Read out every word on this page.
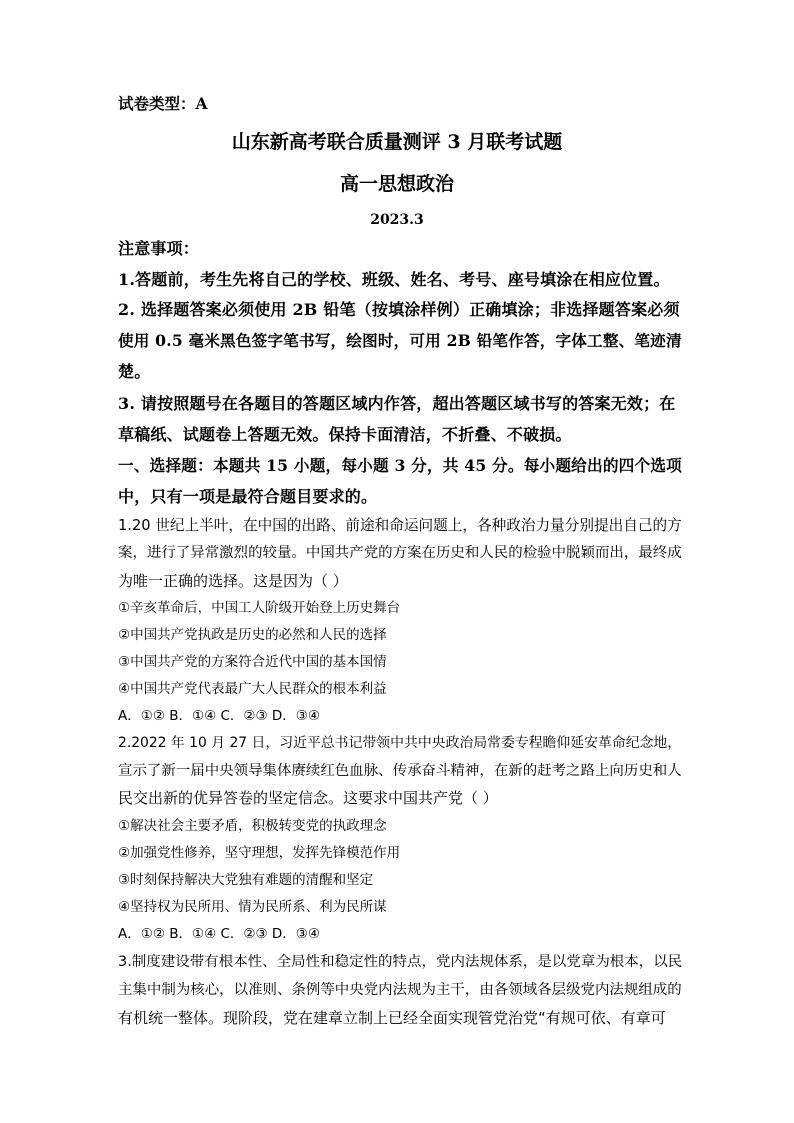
试卷类型：A
山东新高考联合质量测评 3 月联考试题
高一思想政治
2023.3
注意事项：
1.答题前，考生先将自己的学校、班级、姓名、考号、座号填涂在相应位置。
2. 选择题答案必须使用 2B 铅笔（按填涂样例）正确填涂；非选择题答案必须
使用 0.5 毫米黑色签字笔书写，绘图时，可用 2B 铅笔作答，字体工整、笔迹清
楚。
3. 请按照题号在各题目的答题区域内作答，超出答题区域书写的答案无效；在
草稿纸、试题卷上答题无效。保持卡面清洁，不折叠、不破损。
一、选择题：本题共 15 小题，每小题 3 分，共 45 分。每小题给出的四个选项
中，只有一项是最符合题目要求的。
1.20 世纪上半叶，在中国的出路、前途和命运问题上，各种政治力量分别提出自己的方
案，进行了异常激烈的较量。中国共产党的方案在历史和人民的检验中脱颖而出，最终成
为唯一正确的选择。这是因为（ ）
①辛亥革命后，中国工人阶级开始登上历史舞台
②中国共产党执政是历史的必然和人民的选择
③中国共产党的方案符合近代中国的基本国情
④中国共产党代表最广大人民群众的根本利益
A．①② B．①④ C．②③ D．③④
2.2022 年 10 月 27 日，习近平总书记带领中共中央政治局常委专程瞻仰延安革命纪念地，
宣示了新一届中央领导集体赓续红色血脉、传承奋斗精神，在新的赶考之路上向历史和人
民交出新的优异答卷的坚定信念。这要求中国共产党（ ）
①解决社会主要矛盾，积极转变党的执政理念
②加强党性修养，坚守理想，发挥先锋模范作用
③时刻保持解决大党独有难题的清醒和坚定
④坚持权为民所用、情为民所系、利为民所谋
A．①② B．①④ C．②③ D．③④
3.制度建设带有根本性、全局性和稳定性的特点，党内法规体系，是以党章为根本，以民
主集中制为核心，以准则、条例等中央党内法规为主干，由各领域各层级党内法规组成的
有机统一整体。现阶段，党在建章立制上已经全面实现管党治党“有规可依、有章可
